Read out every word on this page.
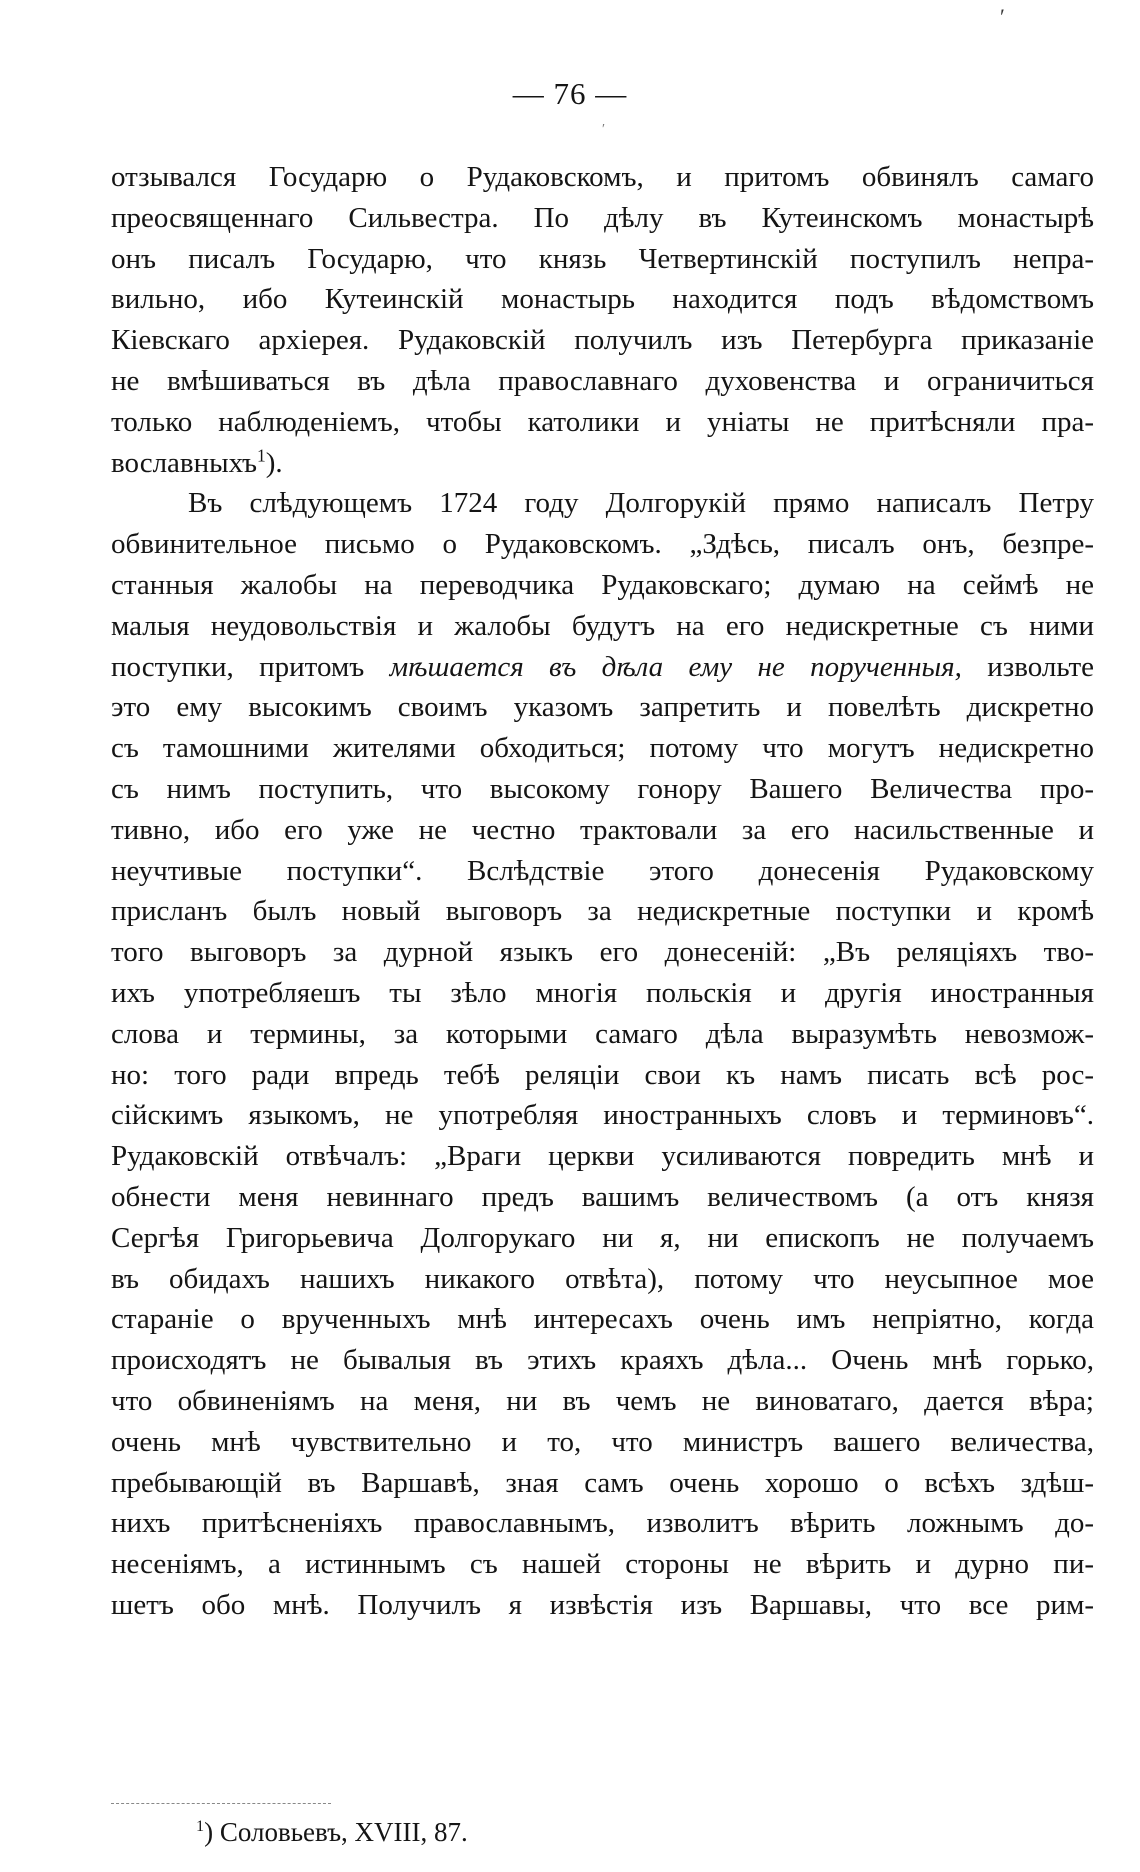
′
— 76 —
′
отзывался Государю о Рудаковскомъ, и притомъ обвинялъ самаго
преосвященнаго Сильвестра. По дѣлу въ Кутеинскомъ монастырѣ
онъ писалъ Государю, что князь Четвертинскій поступилъ непра-
вильно, ибо Кутеинскій монастырь находится подъ вѣдомствомъ
Кіевскаго архіерея. Рудаковскій получилъ изъ Петербурга приказаніе
не вмѣшиваться въ дѣла православнаго духовенства и ограничиться
только наблюденіемъ, чтобы католики и уніаты не притѣсняли пра-
вославныхъ$^1$).
Въ слѣдующемъ 1724 году Долгорукій прямо написалъ Петру
обвинительное письмо о Рудаковскомъ. „Здѣсь, писалъ онъ, безпре-
станныя жалобы на переводчика Рудаковскаго; думаю на сеймѣ не
малыя неудовольствія и жалобы будутъ на его недискретные съ ними
поступки, притомъ мѣшается въ дѣла ему не порученныя, извольте
это ему высокимъ своимъ указомъ запретить и повелѣть дискретно
съ тамошними жителями обходиться; потому что могутъ недискретно
съ нимъ поступить, что высокому гонору Вашего Величества про-
тивно, ибо его уже не честно трактовали за его насильственные и
неучтивые поступки“. Вслѣдствіе этого донесенія Рудаковскому
присланъ былъ новый выговоръ за недискретные поступки и кромѣ
того выговоръ за дурной языкъ его донесеній: „Въ реляціяхъ тво-
ихъ употребляешъ ты зѣло многія польскія и другія иностранныя
слова и термины, за которыми самаго дѣла выразумѣть невозмож-
но: того ради впредь тебѣ реляціи свои къ намъ писать всѣ рос-
сійскимъ языкомъ, не употребляя иностранныхъ словъ и терминовъ“.
Рудаковскій отвѣчалъ: „Враги церкви усиливаются повредить мнѣ и
обнести меня невиннаго предъ вашимъ величествомъ (а отъ князя
Сергѣя Григорьевича Долгорукаго ни я, ни епископъ не получаемъ
въ обидахъ нашихъ никакого отвѣта), потому что неусыпное мое
стараніе о врученныхъ мнѣ интересахъ очень имъ непріятно, когда
происходятъ не бывалыя въ этихъ краяхъ дѣла... Очень мнѣ горько,
что обвиненіямъ на меня, ни въ чемъ не виноватаго, дается вѣра;
очень мнѣ чувствительно и то, что министръ вашего величества,
пребывающій въ Варшавѣ, зная самъ очень хорошо о всѣхъ здѣш-
нихъ притѣсненіяхъ православнымъ, изволитъ вѣрить ложнымъ до-
несеніямъ, а истиннымъ съ нашей стороны не вѣрить и дурно пи-
шетъ обо мнѣ. Получилъ я извѣстія изъ Варшавы, что все рим-
$^1$) Соловьевъ, XVIII, 87.
